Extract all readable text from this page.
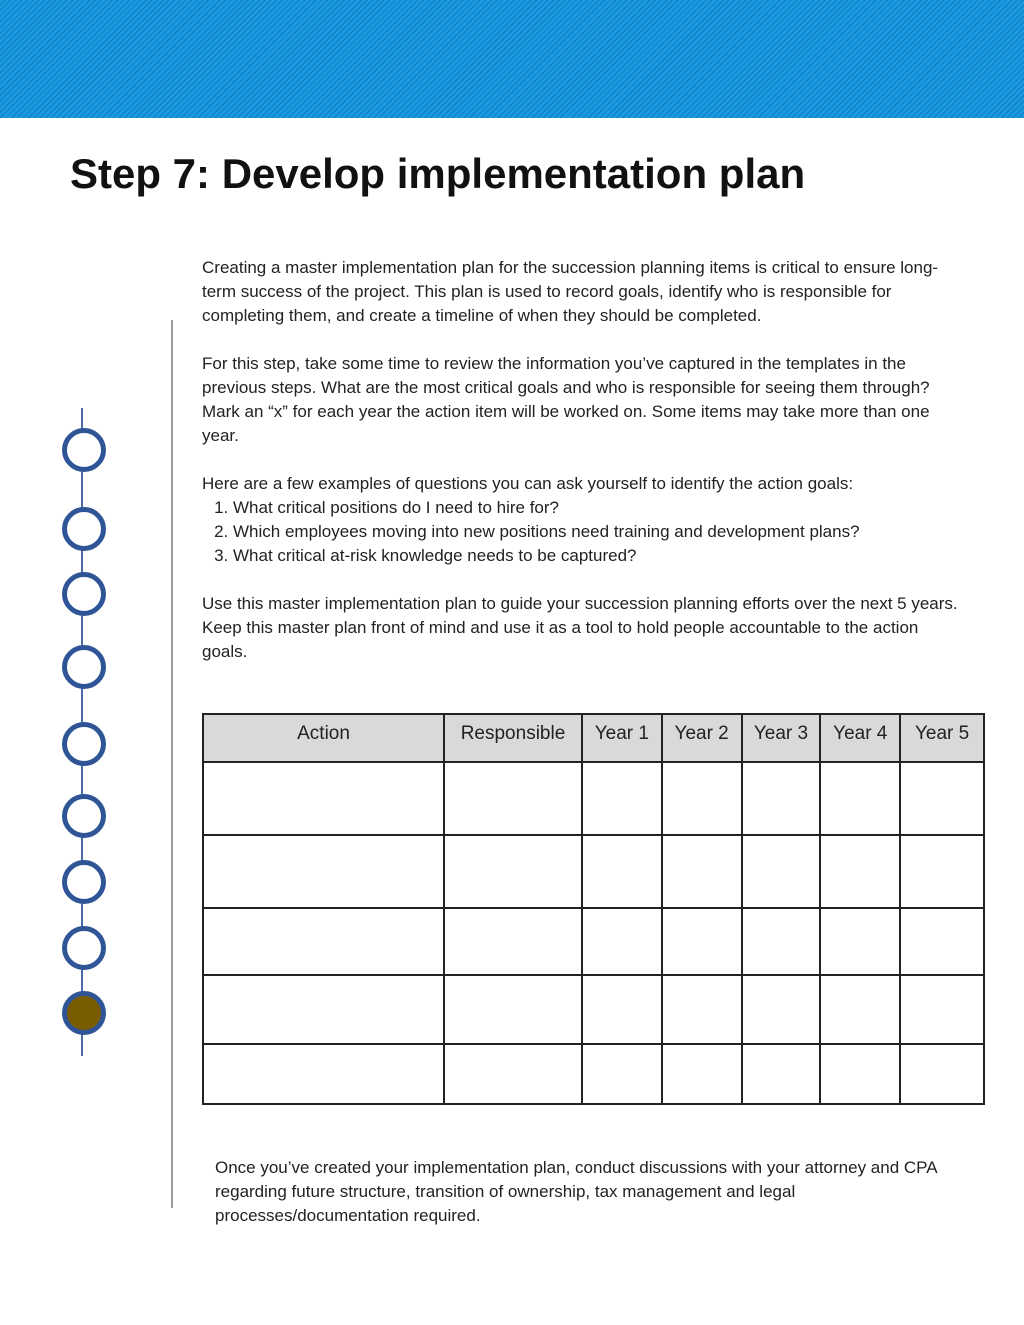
Step 7: Develop implementation plan

Creating a master implementation plan for the succession planning items is critical to ensure long-term success of the project. This plan is used to record goals, identify who is responsible for completing them, and create a timeline of when they should be completed.

For this step, take some time to review the information you’ve captured in the templates in the previous steps. What are the most critical goals and who is responsible for seeing them through? Mark an “x” for each year the action item will be worked on. Some items may take more than one year.

Here are a few examples of questions you can ask yourself to identify the action goals:
1. What critical positions do I need to hire for?
2. Which employees moving into new positions need training and development plans?
3. What critical at-risk knowledge needs to be captured?

Use this master implementation plan to guide your succession planning efforts over the next 5 years. Keep this master plan front of mind and use it as a tool to hold people accountable to the action goals.

Action	Responsible	Year 1	Year 2	Year 3	Year 4	Year 5

Once you’ve created your implementation plan, conduct discussions with your attorney and CPA regarding future structure, transition of ownership, tax management and legal processes/documentation required.
